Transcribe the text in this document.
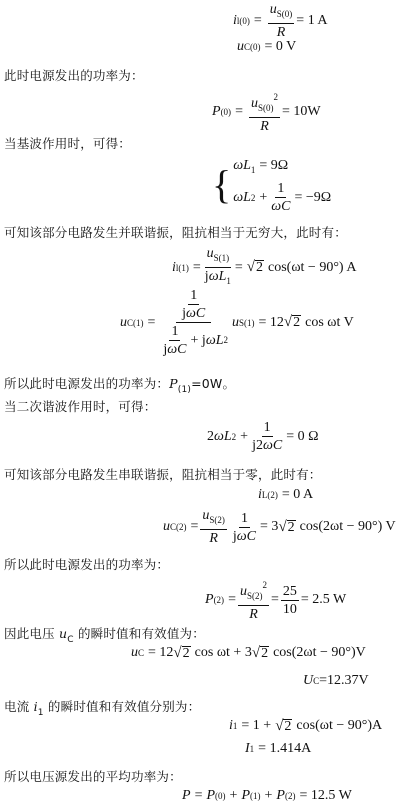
i $l(0) = \frac{u_{S(0)}}{R} = 1$ A
u C(0) = 0 V
此时电源发出的功率为：
P $(0) = \frac{u_{S(0)}^2}{R} = 10W$
当基波作用时，可得：
{ $\omega L_1 = 9\Omega$
ωL $2 + \frac{1}{\omega C} = -9\Omega$
可知该部分电路发生并联谐振，阻抗相当于无穷大，此时有：
i $l(1) = \frac{u_{S(1)}}{j\omega L_1}$ = √ 2 cos(ωt − 90°) A
u $C(1) = \frac{\frac{1}{\text{jωC}}}{\frac{1}{\text{jωC}} + j \omega L 2}$ u S(1) = 12 √ 2 cos ωt V
所以此时电源发出的功率为：$P_{(1)}=0W$。
当二次谐波作用时，可得：
2 ωL $2 + \frac{1}{j2\omega C} = 0$ Ω
可知该部分电路发生串联谐振，阻抗相当于零，此时有：
i L(2) = 0 A
u $C(2) = \frac{u_{S(2)}}{R} \frac{1}{\text{jωC}} = 3$ √ 2 cos(2ωt − 90°) V
所以此时电源发出的功率为：
P $(2) = \frac{u_{S(2)}^2}{R} = \frac{25}{10} = 2.5$ W
因此电压 $u_C$ 的瞬时值和有效值为：
u C = 12 √ 2 cos ωt + 3 √ 2 cos(2ωt − 90°)V
U C =12.37V
电流 $i_1$ 的瞬时值和有效值分别为：
i 1 = 1 + √ 2 cos(ωt − 90°)A
I 1 = 1.414A
所以电压源发出的平均功率为：
P = P (0) + P (1) + P (2) = 12.5 W
